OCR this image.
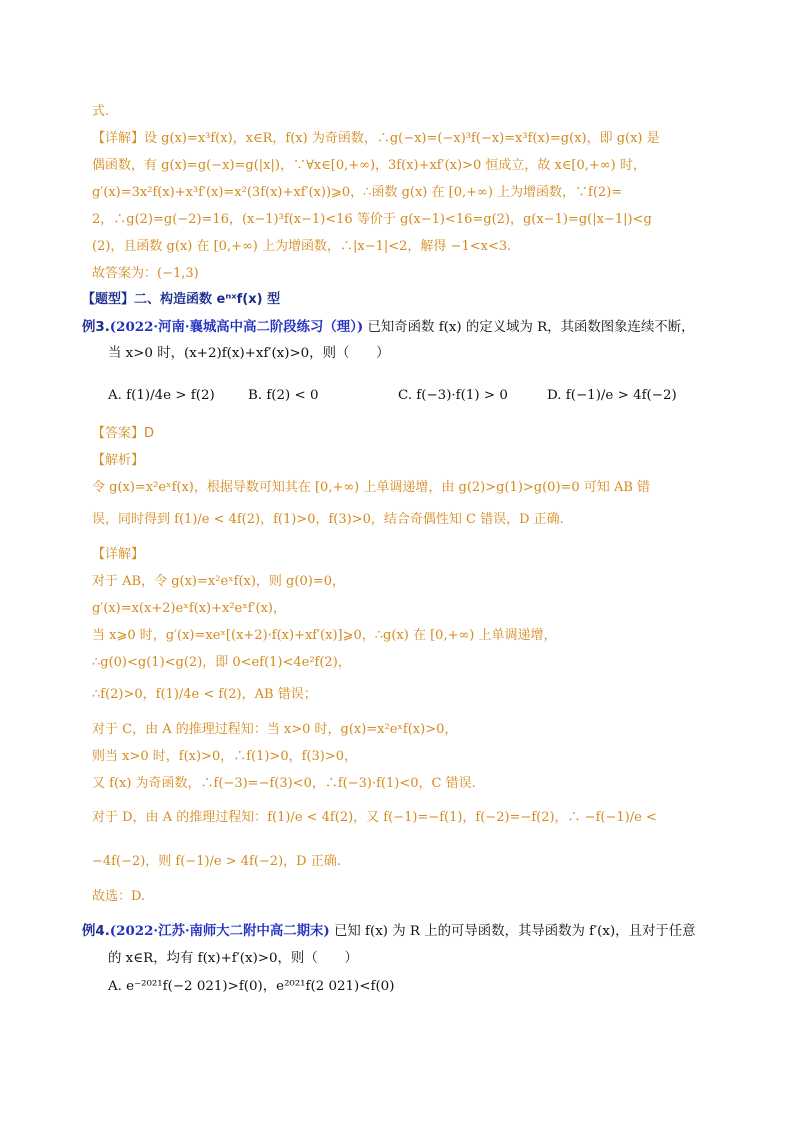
式.
【详解】设 g(x)=x³f(x)，x∈R，f(x) 为奇函数，∴g(−x)=(−x)³f(−x)=x³f(x)=g(x)，即 g(x) 是
偶函数，有 g(x)=g(−x)=g(|x|)，∵∀x∈[0,+∞)，3f(x)+xf′(x)>0 恒成立，故 x∈[0,+∞) 时，
g′(x)=3x²f(x)+x³f′(x)=x²(3f(x)+xf′(x))⩾0，∴函数 g(x) 在 [0,+∞) 上为增函数，∵f(2)=
2，∴g(2)=g(−2)=16，(x−1)³f(x−1)<16 等价于 g(x−1)<16=g(2)，g(x−1)=g(|x−1|)<g
(2)，且函数 g(x) 在 [0,+∞) 上为增函数，∴|x−1|<2，解得 −1<x<3.
故答案为：(−1,3)
【题型】二、构造函数 eⁿˣf(x) 型
例3.(2022·河南·襄城高中高二阶段练习（理）) 已知奇函数 f(x) 的定义域为 R，其函数图象连续不断，
当 x>0 时，(x+2)f(x)+xf′(x)>0，则（　　）
A. f(1)/4e > f(2) B. f(2) < 0	C. f(−3)·f(1) > 0	D. f(−1)/e > 4f(−2)
【答案】D
【解析】
令 g(x)=x²eˣf(x)，根据导数可知其在 [0,+∞) 上单调递增，由 g(2)>g(1)>g(0)=0 可知 AB 错
误，同时得到 f(1)/e < 4f(2)，f(1)>0，f(3)>0，结合奇偶性知 C 错误，D 正确.
【详解】
对于 AB，令 g(x)=x²eˣf(x)，则 g(0)=0，
g′(x)=x(x+2)eˣf(x)+x²eˣf′(x)，
当 x⩾0 时，g′(x)=xeˣ[(x+2)·f(x)+xf′(x)]⩾0，∴g(x) 在 [0,+∞) 上单调递增，
∴g(0)<g(1)<g(2)，即 0<ef(1)<4e²f(2)，
∴f(2)>0，f(1)/4e < f(2)，AB 错误；
对于 C，由 A 的推理过程知：当 x>0 时，g(x)=x²eˣf(x)>0，
则当 x>0 时，f(x)>0，∴f(1)>0，f(3)>0，
又 f(x) 为奇函数，∴f(−3)=−f(3)<0，∴f(−3)·f(1)<0，C 错误.
对于 D，由 A 的推理过程知：f(1)/e < 4f(2)，又 f(−1)=−f(1)，f(−2)=−f(2)，∴ −f(−1)/e <
−4f(−2)，则 f(−1)/e > 4f(−2)，D 正确.
故选：D.
例4.(2022·江苏·南师大二附中高二期末) 已知 f(x) 为 R 上的可导函数，其导函数为 f′(x)，且对于任意
的 x∈R，均有 f(x)+f′(x)>0，则（　　）
A. e⁻²⁰²¹f(−2 021)>f(0)，e²⁰²¹f(2 021)<f(0)
